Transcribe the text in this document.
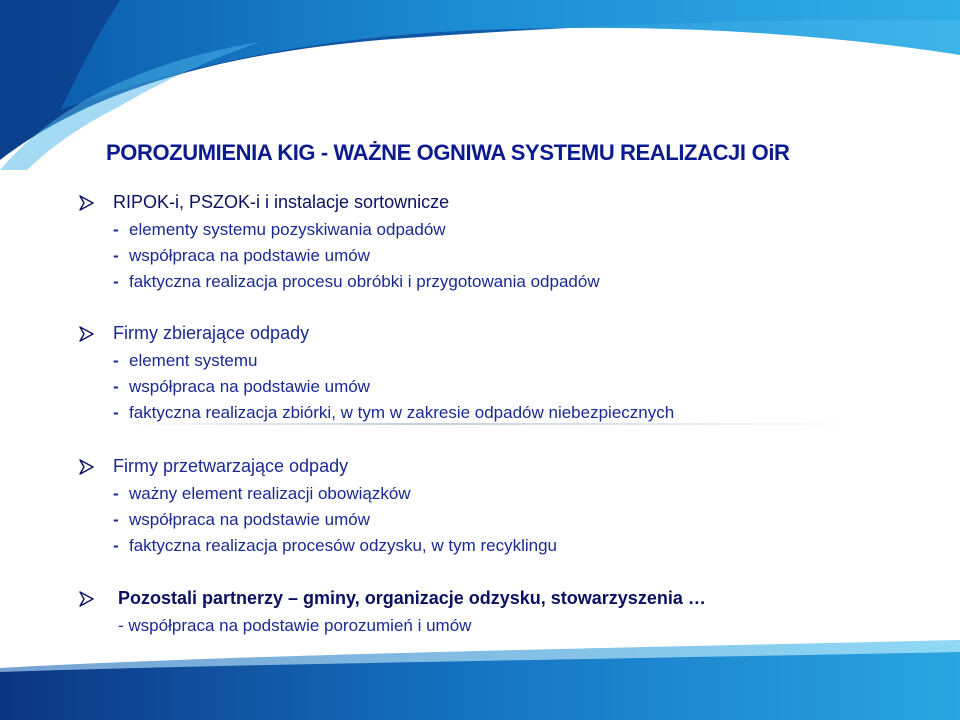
POROZUMIENIA KIG - WAŻNE OGNIWA SYSTEMU REALIZACJI OiR
RIPOK-i, PSZOK-i i instalacje sortownicze
- elementy systemu pozyskiwania odpadów
- współpraca na podstawie umów
- faktyczna realizacja procesu obróbki i przygotowania odpadów
Firmy zbierające odpady
- element systemu
- współpraca na podstawie umów
- faktyczna realizacja zbiórki, w tym w zakresie odpadów niebezpiecznych
Firmy przetwarzające odpady
- ważny element realizacji obowiązków
- współpraca na podstawie umów
- faktyczna realizacja procesów odzysku, w tym recyklingu
Pozostali partnerzy – gminy, organizacje odzysku, stowarzyszenia …
- współpraca na podstawie porozumień i umów
